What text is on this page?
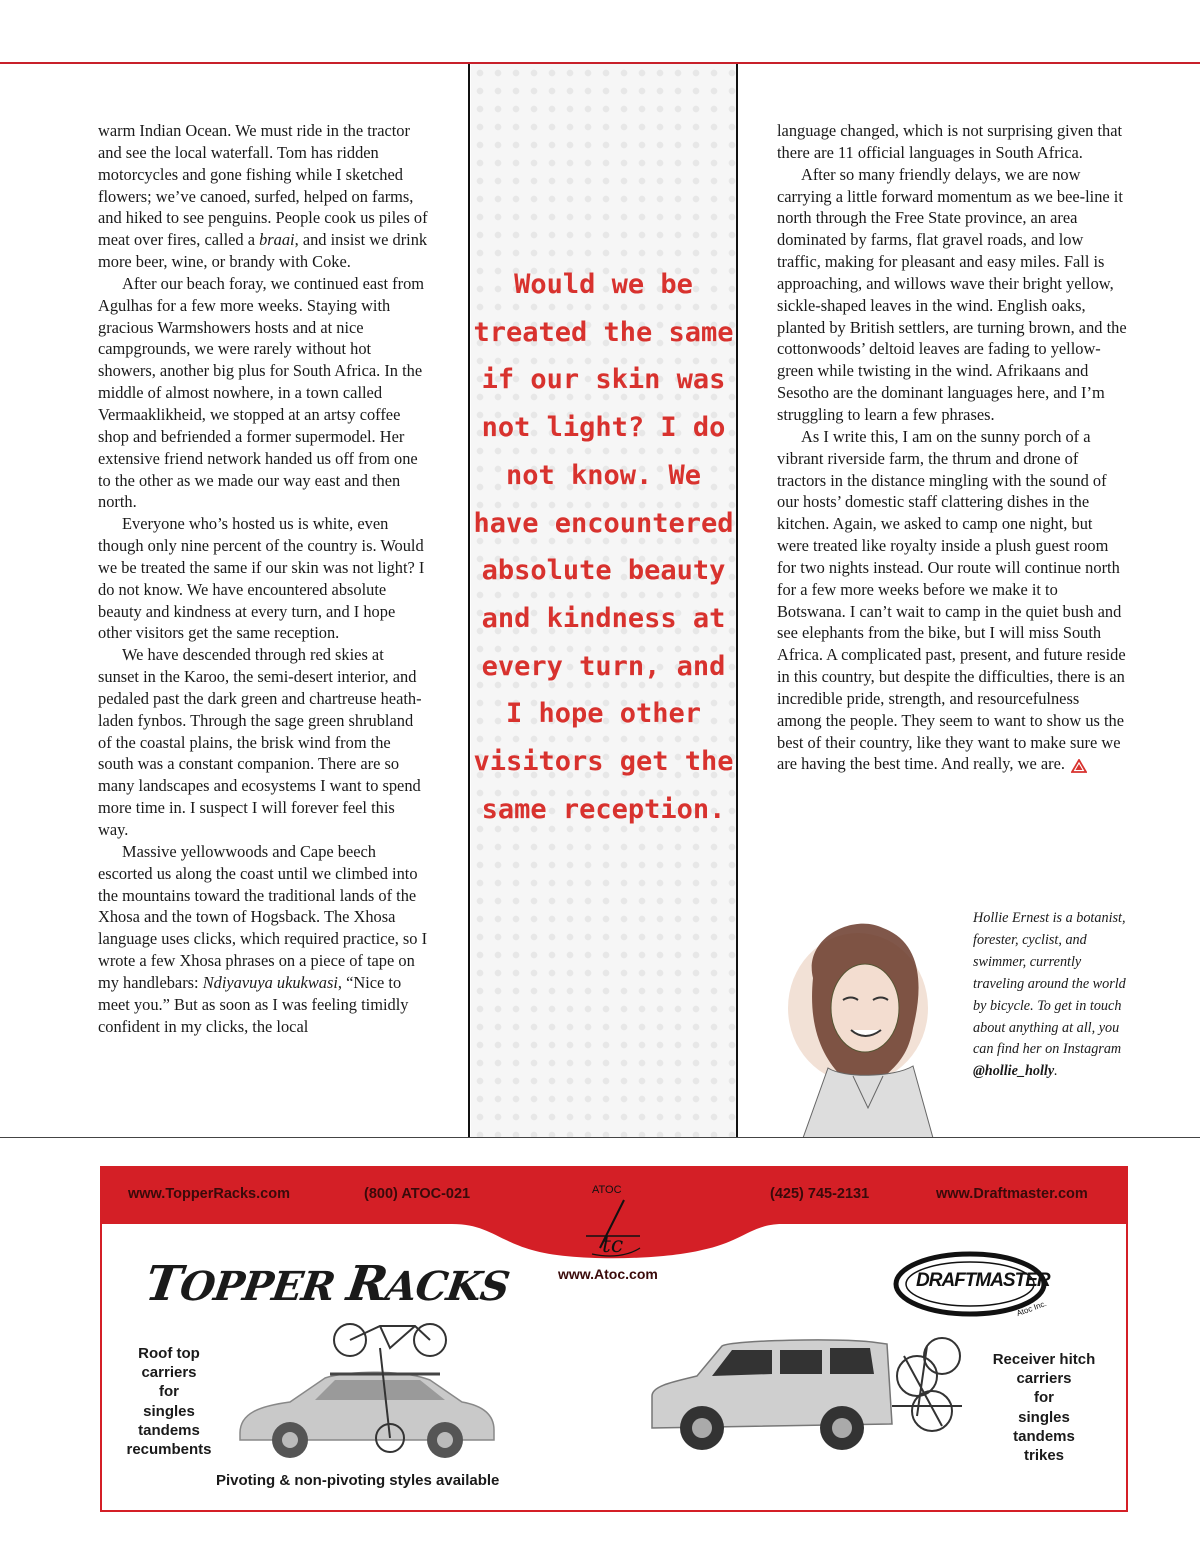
warm Indian Ocean. We must ride in the tractor and see the local waterfall. Tom has ridden motorcycles and gone fishing while I sketched flowers; we’ve canoed, surfed, helped on farms, and hiked to see penguins. People cook us piles of meat over fires, called a braai, and insist we drink more beer, wine, or brandy with Coke.

After our beach foray, we continued east from Agulhas for a few more weeks. Staying with gracious Warmshowers hosts and at nice campgrounds, we were rarely without hot showers, another big plus for South Africa. In the middle of almost nowhere, in a town called Vermaaklikheid, we stopped at an artsy coffee shop and befriended a former supermodel. Her extensive friend network handed us off from one to the other as we made our way east and then north.

Everyone who’s hosted us is white, even though only nine percent of the country is. Would we be treated the same if our skin was not light? I do not know. We have encountered absolute beauty and kindness at every turn, and I hope other visitors get the same reception.

We have descended through red skies at sunset in the Karoo, the semi-desert interior, and pedaled past the dark green and chartreuse heath-laden fynbos. Through the sage green shrubland of the coastal plains, the brisk wind from the south was a constant companion. There are so many landscapes and ecosystems I want to spend more time in. I suspect I will forever feel this way.

Massive yellowwoods and Cape beech escorted us along the coast until we climbed into the mountains toward the traditional lands of the Xhosa and the town of Hogsback. The Xhosa language uses clicks, which required practice, so I wrote a few Xhosa phrases on a piece of tape on my handlebars: Ndiyavuya ukukwasi, “Nice to meet you.” But as soon as I was feeling timidly confident in my clicks, the local

Would we be treated the same if our skin was not light? I do not know. We have encountered absolute beauty and kindness at every turn, and I hope other visitors get the same reception.

language changed, which is not surprising given that there are 11 official languages in South Africa.

After so many friendly delays, we are now carrying a little forward momentum as we bee-line it north through the Free State province, an area dominated by farms, flat gravel roads, and low traffic, making for pleasant and easy miles. Fall is approaching, and willows wave their bright yellow, sickle-shaped leaves in the wind. English oaks, planted by British settlers, are turning brown, and the cottonwoods’ deltoid leaves are fading to yellow-green while twisting in the wind. Afrikaans and Sesotho are the dominant languages here, and I’m struggling to learn a few phrases.

As I write this, I am on the sunny porch of a vibrant riverside farm, the thrum and drone of tractors in the distance mingling with the sound of our hosts’ domestic staff clattering dishes in the kitchen. Again, we asked to camp one night, but were treated like royalty inside a plush guest room for two nights instead. Our route will continue north for a few more weeks before we make it to Botswana. I can’t wait to camp in the quiet bush and see elephants from the bike, but I will miss South Africa. A complicated past, present, and future reside in this country, but despite the difficulties, there is an incredible pride, strength, and resourcefulness among the people. They seem to want to show us the best of their country, like they want to make sure we are having the best time. And really, we are.

Hollie Ernest is a botanist, forester, cyclist, and swimmer, currently traveling around the world by bicycle. To get in touch about anything at all, you can find her on Instagram @hollie_holly.
www.TopperRacks.com	(800) ATOC-021	ATOC
tc
www.Atoc.com
(425) 745-2131	www.Draftmaster.com
TOPPER RACKS	DRAFTMASTER
Atoc Inc.
Roof top
carriers
for
singles
tandems
recumbents
Receiver hitch
carriers
for
singles
tandems
trikes
Pivoting & non-pivoting styles available
